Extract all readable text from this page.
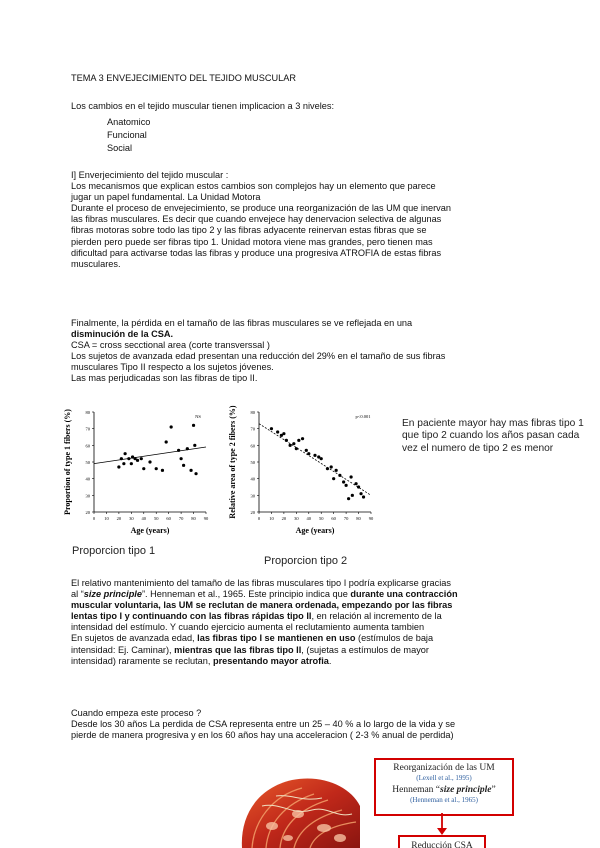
TEMA 3 ENVEJECIMIENTO DEL TEJIDO MUSCULAR
Los cambios en el tejido muscular tienen implicacion a 3 niveles:
Anatomico
Funcional
Social
I] Enverjecimiento del tejido muscular :
Los mecanismos que explican estos cambios son complejos hay un elemento que parece
jugar un papel fundamental. La Unidad Motora
Durante el proceso de envejecimiento, se produce una reorganización de las UM que inervan
las fibras musculares. Es decir que cuando envejece hay denervacion selectiva de algunas
fibras motoras sobre todo las tipo 2 y las fibras adyacente reinervan estas fibras que se
pierden pero puede ser fibras tipo 1. Unidad motora viene mas grandes, pero tienen mas
dificultad para activarse todas las fibras y produce una progresiva ATROFIA de estas fibras
musculares.
Finalmente, la pérdida en el tamaño de las fibras musculares se ve reflejada en una
disminución de la CSA.
CSA = cross secctional area (corte transverssal )
Los sujetos de avanzada edad presentan una reducción del 29% en el tamaño de sus fibras
musculares Tipo II respecto a los sujetos jóvenes.
Las mas perjudicadas son las fibras de tipo II.
20
30
40
50
60
70
80
0 10 20 30 40 50 60 70 80 90
Age (years)
Proportion of type 1 fibers (%)	NS
20
30
40
50
60
70
80
0 10 20 30 40 50 60 70 80 90
Age (years)
Relative area of type 2 fibers (%)	p<0.001
Proporcion tipo 1
Proporcion tipo 2
En paciente mayor hay mas fibras tipo 1 que tipo 2 cuando los años pasan cada vez el numero de tipo 2 es menor
El relativo mantenimiento del tamaño de las fibras musculares tipo I podría explicarse gracias
al “size principle”. Henneman et al., 1965. Este principio indica que durante una contracción
muscular voluntaria, las UM se reclutan de manera ordenada, empezando por las fibras
lentas tipo I y continuando con las fibras rápidas tipo II, en relación al incremento de la
intensidad del estímulo. Y cuando ejercicio aumenta el reclutamiento aumenta tambien
En sujetos de avanzada edad, las fibras tipo I se mantienen en uso (estímulos de baja
intensidad: Ej. Caminar), mientras que las fibras tipo II, (sujetas a estímulos de mayor
intensidad) raramente se reclutan, presentando mayor atrofia.
Cuando empeza este proceso ?
Desde los 30 años La perdida de CSA representa entre un 25 – 40 % a lo largo de la vida y se
pierde de manera progresiva y en los 60 años hay una acceleracion ( 2-3 % anual de perdida)
Reorganización de las UM
(Lexell et al., 1995)
Henneman “size principle”
(Henneman et al., 1965)
Reducción CSA
